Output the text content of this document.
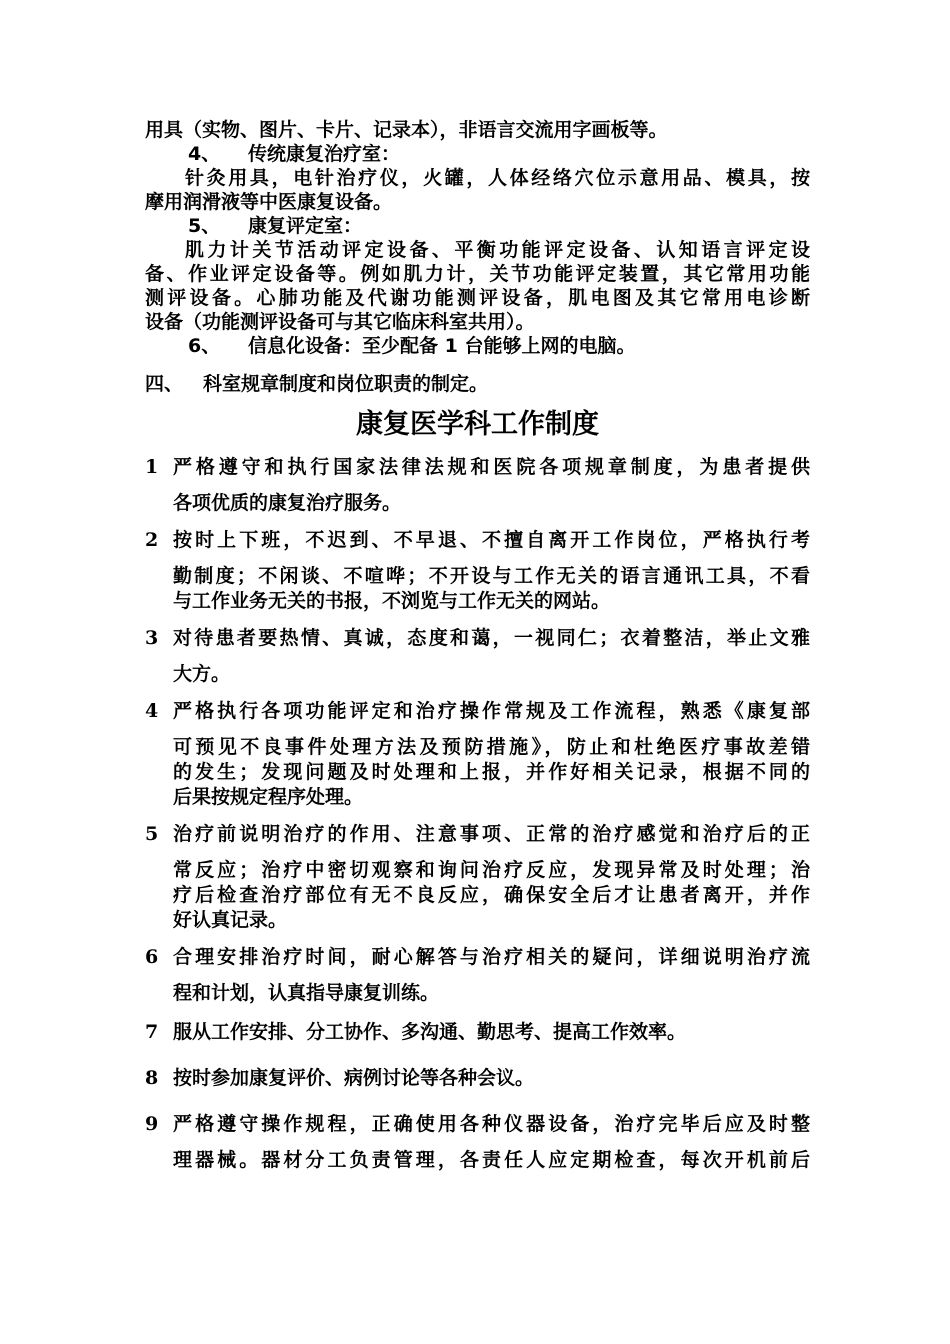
用具（实物、图片、卡片、记录本），非语言交流用字画板等。

4、	传统康复治疗室：

针灸用具，电针治疗仪，火罐，人体经络穴位示意用品、模具，按

摩用润滑液等中医康复设备。

5、	康复评定室：

肌力计关节活动评定设备、平衡功能评定设备、认知语言评定设

备、作业评定设备等。例如肌力计，关节功能评定装置，其它常用功能

测评设备。心肺功能及代谢功能测评设备，肌电图及其它常用电诊断

设备（功能测评设备可与其它临床科室共用）。

6、	信息化设备：至少配备 1 台能够上网的电脑。
四、	科室规章制度和岗位职责的制定。
康复医学科工作制度
1 严格遵守和执行国家法律法规和医院各项规章制度，为患者提供

各项优质的康复治疗服务。

2 按时上下班，不迟到、不早退、不擅自离开工作岗位，严格执行考

勤制度；不闲谈、不喧哗；不开设与工作无关的语言通讯工具，不看

与工作业务无关的书报，不浏览与工作无关的网站。

3 对待患者要热情、真诚，态度和蔼，一视同仁；衣着整洁，举止文雅

大方。

4 严格执行各项功能评定和治疗操作常规及工作流程，熟悉《康复部

可预见不良事件处理方法及预防措施》，防止和杜绝医疗事故差错

的发生；发现问题及时处理和上报，并作好相关记录，根据不同的

后果按规定程序处理。

5 治疗前说明治疗的作用、注意事项、正常的治疗感觉和治疗后的正

常反应；治疗中密切观察和询问治疗反应，发现异常及时处理；治

疗后检查治疗部位有无不良反应，确保安全后才让患者离开，并作

好认真记录。

6 合理安排治疗时间，耐心解答与治疗相关的疑问，详细说明治疗流

程和计划，认真指导康复训练。

7 服从工作安排、分工协作、多沟通、勤思考、提高工作效率。

8 按时参加康复评价、病例讨论等各种会议。

9 严格遵守操作规程，正确使用各种仪器设备，治疗完毕后应及时整

理器械。器材分工负责管理，各责任人应定期检查，每次开机前后
